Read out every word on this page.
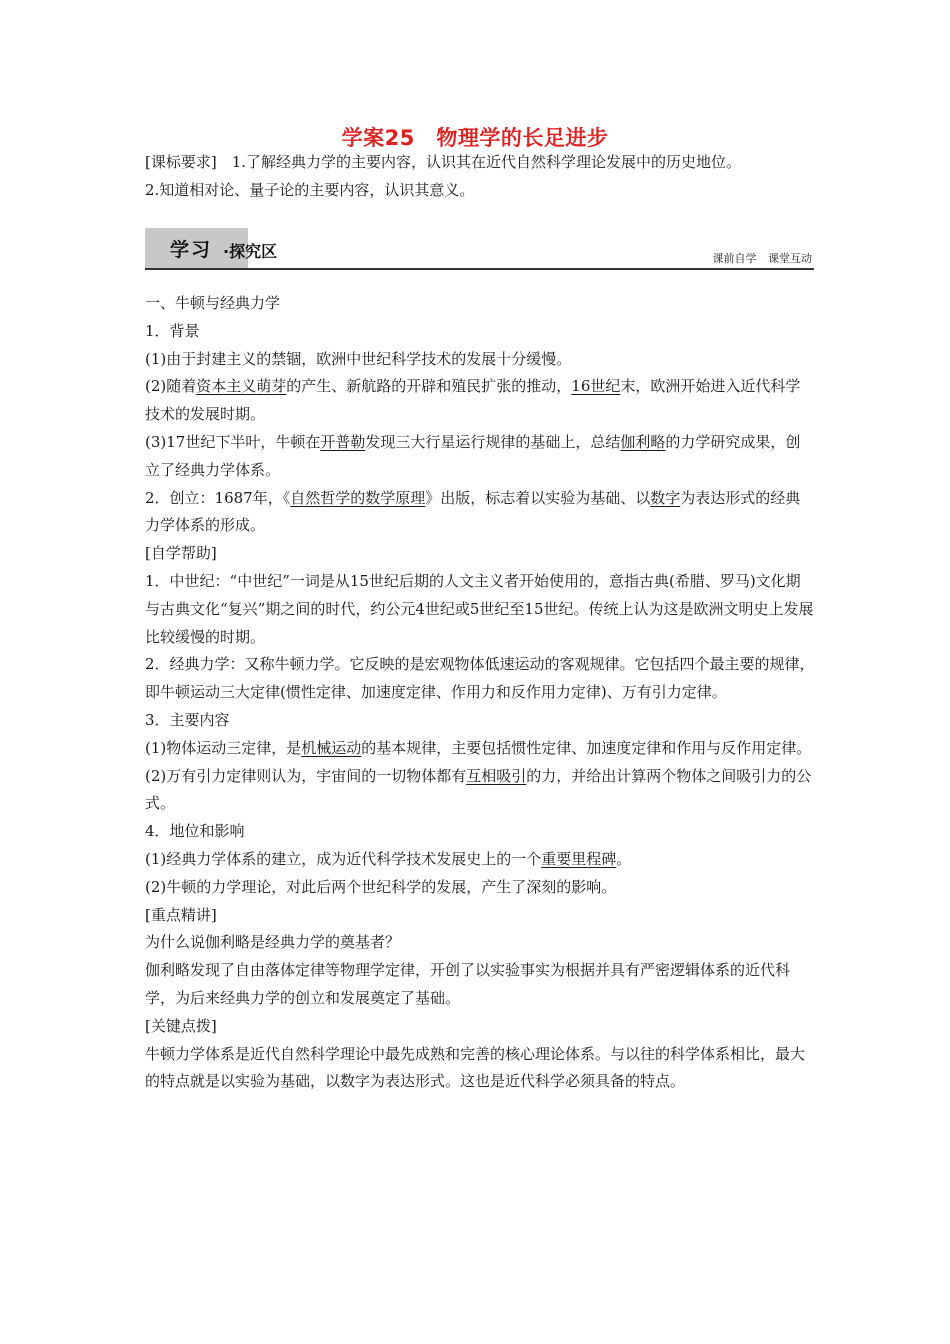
学案25　物理学的长足进步

[课标要求]　1.了解经典力学的主要内容，认识其在近代自然科学理论发展中的历史地位。

2.知道相对论、量子论的主要内容，认识其意义。

学习 ·探究区	课前自学 课堂互动

一、牛顿与经典力学

1．背景

(1)由于封建主义的禁锢，欧洲中世纪科学技术的发展十分缓慢。

(2)随着资本主义萌芽的产生、新航路的开辟和殖民扩张的推动，16世纪末，欧洲开始进入近代科学技术的发展时期。

(3)17世纪下半叶，牛顿在开普勒发现三大行星运行规律的基础上，总结伽利略的力学研究成果，创立了经典力学体系。

2．创立：1687年，《自然哲学的数学原理》出版，标志着以实验为基础、以数字为表达形式的经典力学体系的形成。

[自学帮助]

1．中世纪：“中世纪”一词是从15世纪后期的人文主义者开始使用的，意指古典(希腊、罗马)文化期与古典文化“复兴”期之间的时代，约公元4世纪或5世纪至15世纪。传统上认为这是欧洲文明史上发展比较缓慢的时期。

2．经典力学：又称牛顿力学。它反映的是宏观物体低速运动的客观规律。它包括四个最主要的规律，即牛顿运动三大定律(惯性定律、加速度定律、作用力和反作用力定律)、万有引力定律。

3．主要内容

(1)物体运动三定律，是机械运动的基本规律，主要包括惯性定律、加速度定律和作用与反作用定律。

(2)万有引力定律则认为，宇宙间的一切物体都有互相吸引的力，并给出计算两个物体之间吸引力的公式。

4．地位和影响

(1)经典力学体系的建立，成为近代科学技术发展史上的一个重要里程碑。

(2)牛顿的力学理论，对此后两个世纪科学的发展，产生了深刻的影响。

[重点精讲]

为什么说伽利略是经典力学的奠基者？

伽利略发现了自由落体定律等物理学定律，开创了以实验事实为根据并具有严密逻辑体系的近代科学，为后来经典力学的创立和发展奠定了基础。

[关键点拨]

牛顿力学体系是近代自然科学理论中最先成熟和完善的核心理论体系。与以往的科学体系相比，最大的特点就是以实验为基础，以数字为表达形式。这也是近代科学必须具备的特点。
